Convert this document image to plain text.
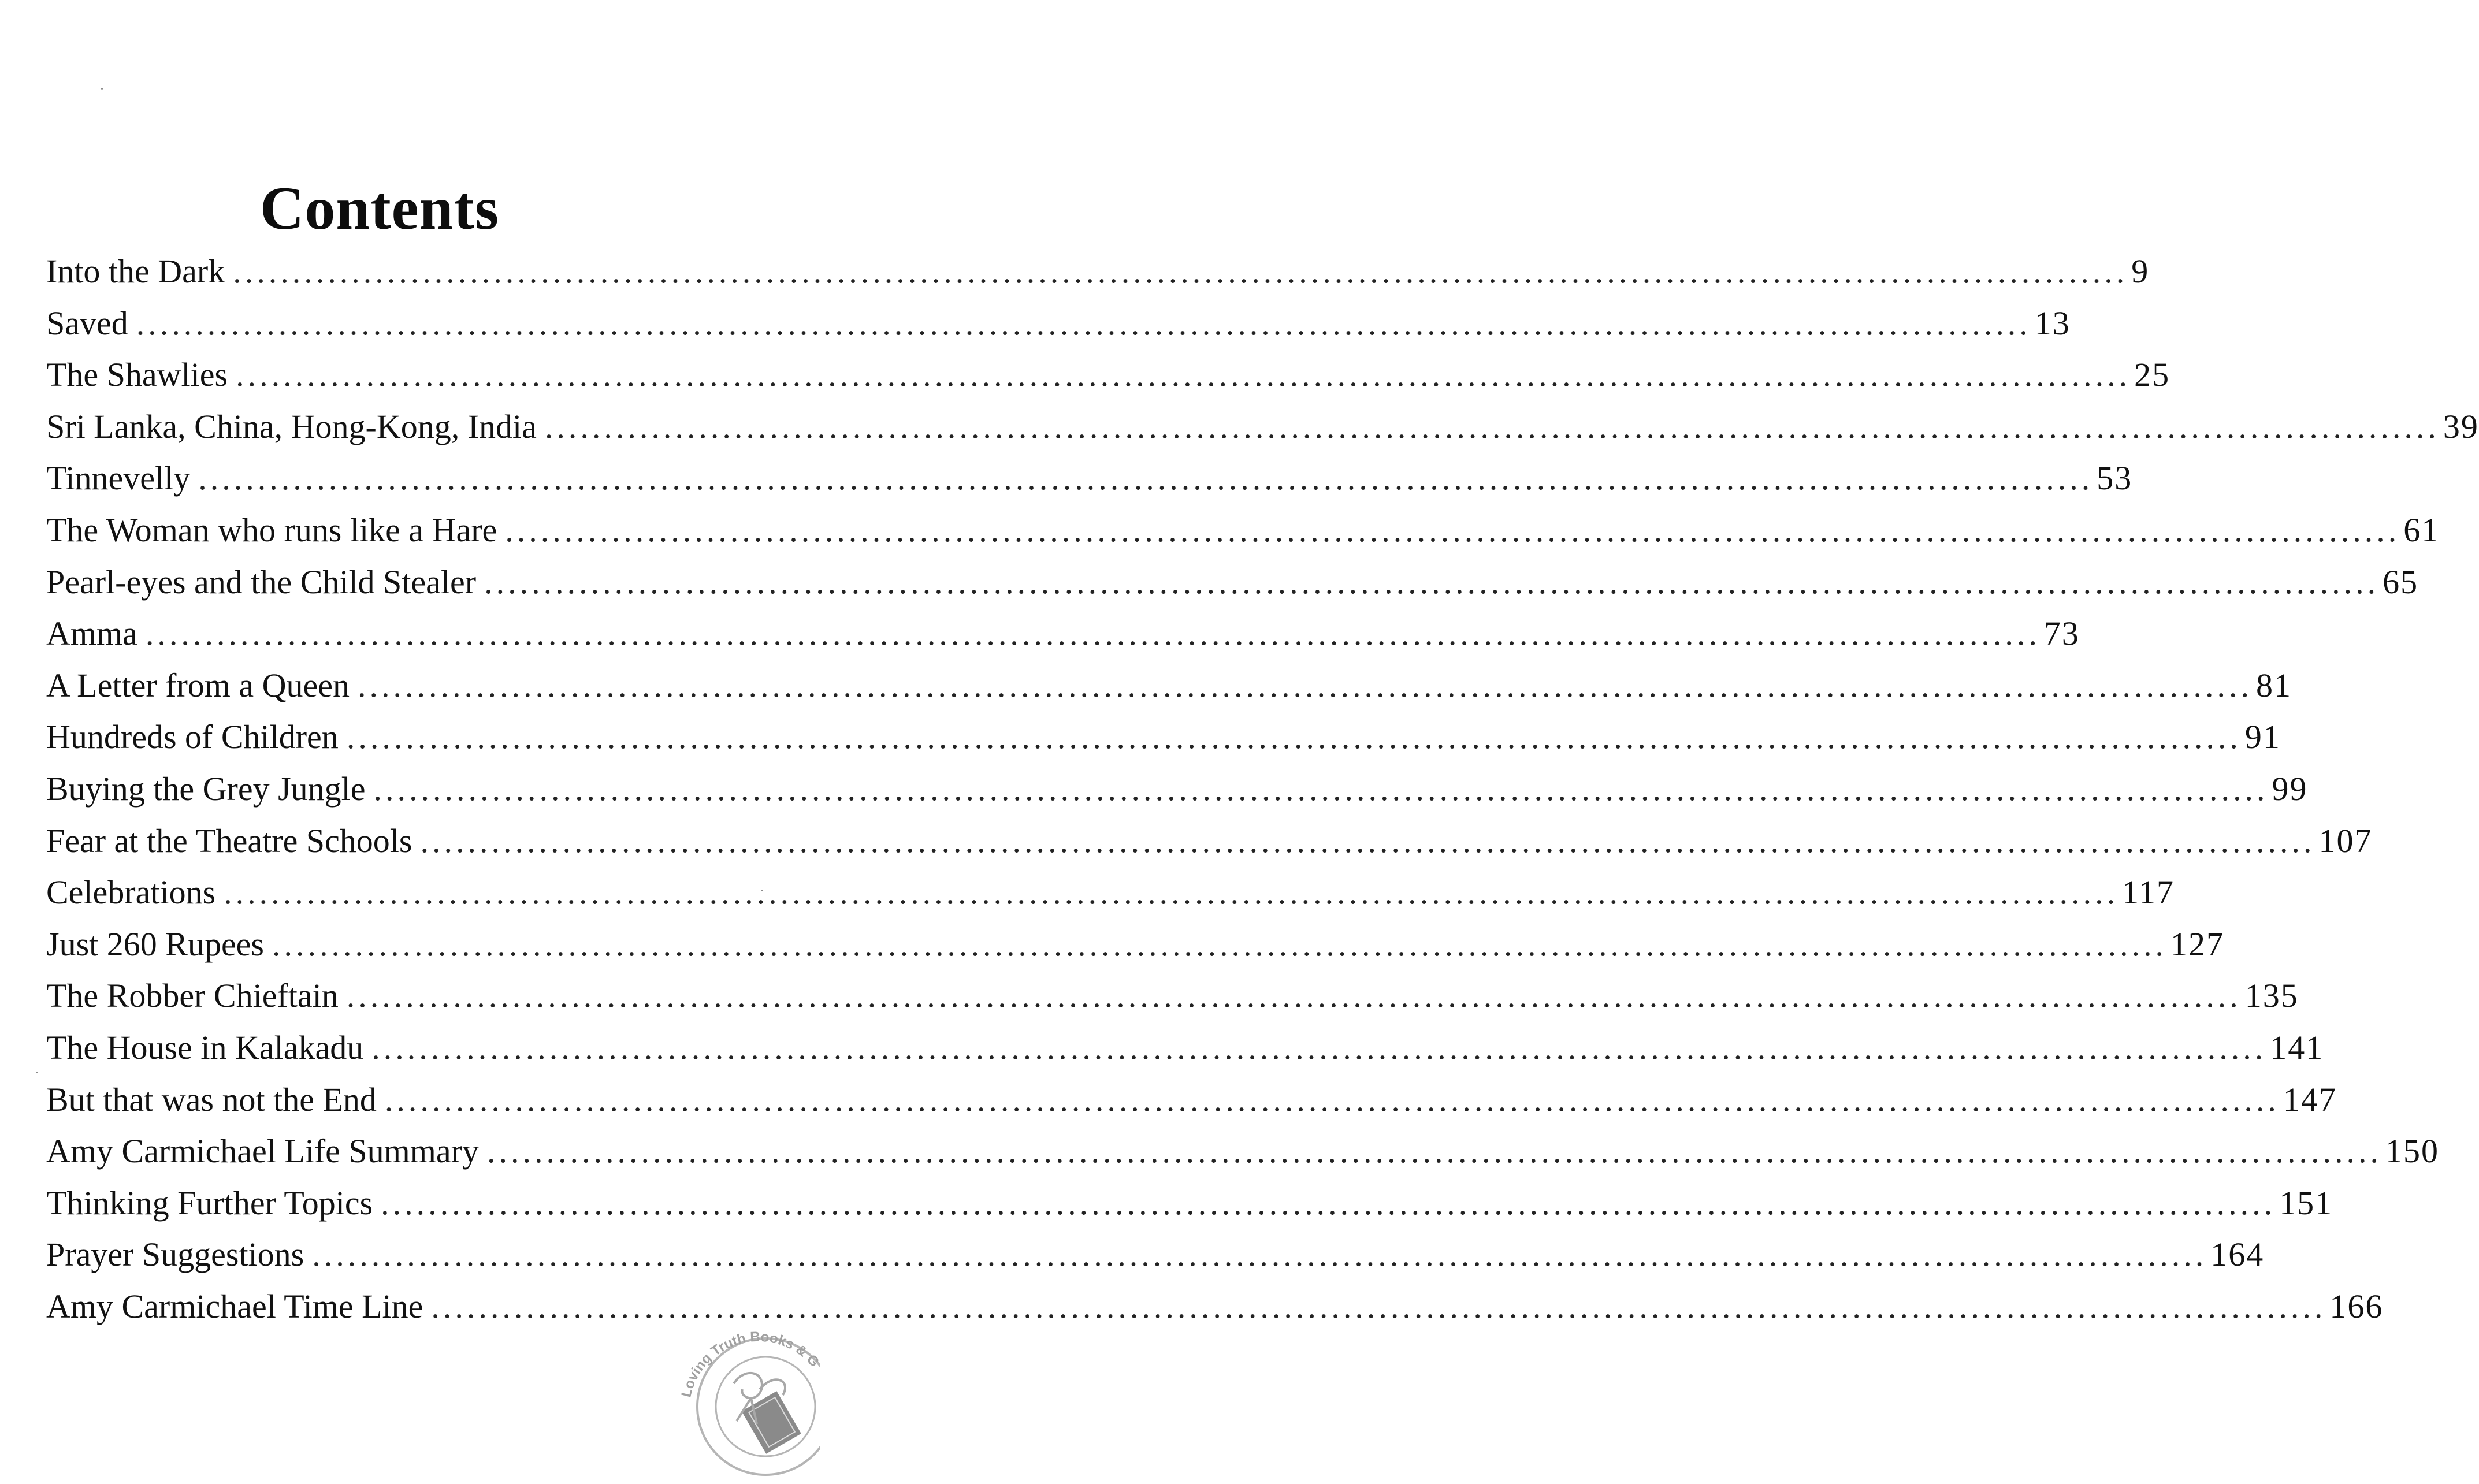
Contents
Into the Dark .....	9
Saved .....	13
The Shawlies .....	25
Sri Lanka, China, Hong-Kong, India .....	39
Tinnevelly .....	53
The Woman who runs like a Hare .....	61
Pearl-eyes and the Child Stealer .....	65
Amma .....	73
A Letter from a Queen .....	81
Hundreds of Children .....	91
Buying the Grey Jungle .....	99
Fear at the Theatre Schools .....	107
Celebrations .....	117
Just 260 Rupees .....	127
The Robber Chieftain .....	135
The House in Kalakadu .....	141
But that was not the End .....	147
Amy Carmichael Life Summary .....	150
Thinking Further Topics .....	151
Prayer Suggestions .....	164
Amy Carmichael Time Line .....	166
Loving Truth Books & G
